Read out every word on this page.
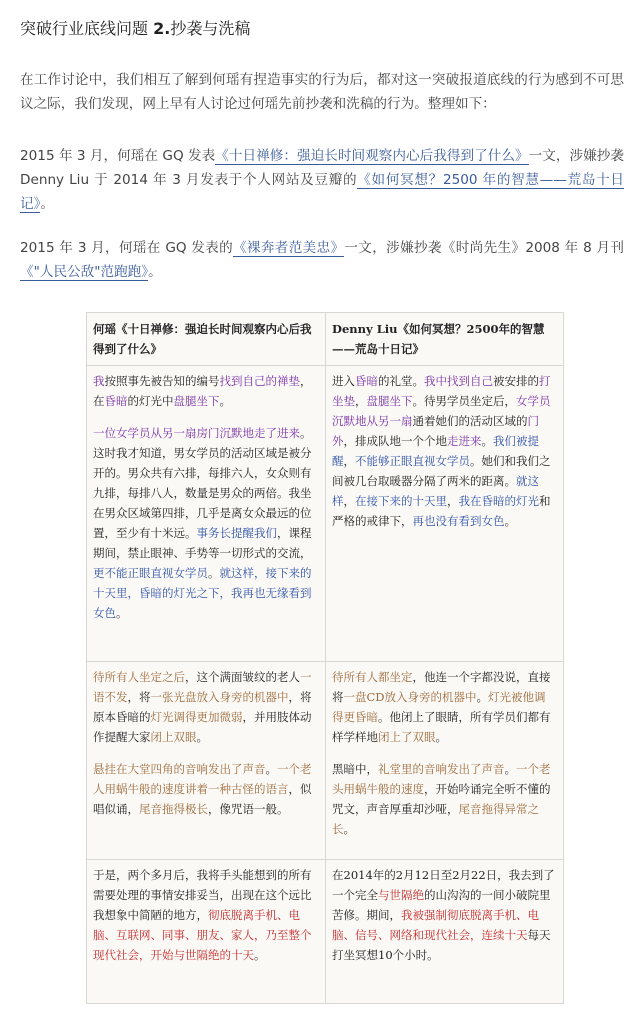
突破行业底线问题 2.抄袭与洗稿
在工作讨论中，我们相互了解到何瑶有捏造事实的行为后，都对这一突破报道底线的行为感到不可思议之际，我们发现，网上早有人讨论过何瑶先前抄袭和洗稿的行为。整理如下：
2015 年 3 月，何瑶在 GQ 发表《十日禅修：强迫长时间观察内心后我得到了什么》一文，涉嫌抄袭 Denny Liu 于 2014 年 3 月发表于个人网站及豆瓣的《如何冥想？2500 年的智慧——荒岛十日记》。
2015 年 3 月，何瑶在 GQ 发表的《裸奔者范美忠》一文，涉嫌抄袭《时尚先生》2008 年 8 月刊《"人民公敌"范跑跑》。
何瑶《十日禅修：强迫长时间观察内心后我得到了什么》
我按照事先被告知的编号找到自己的禅垫，在昏暗的灯光中盘腿坐下。
一位女学员从另一扇房门沉默地走了进来。这时我才知道，男女学员的活动区域是被分开的。男众共有六排，每排六人，女众则有九排，每排八人，数量是男众的两倍。我坐在男众区域第四排，几乎是离女众最远的位置，至少有十米远。事务长提醒我们，课程期间，禁止眼神、手势等一切形式的交流，更不能正眼直视女学员。就这样，接下来的十天里，昏暗的灯光之下，我再也无缘看到女色。
待所有人坐定之后，这个满面皱纹的老人一语不发，将一张光盘放入身旁的机器中，将原本昏暗的灯光调得更加微弱，并用肢体动作提醒大家闭上双眼。
悬挂在大堂四角的音响发出了声音。一个老人用蜗牛般的速度讲着一种古怪的语言，似唱似诵，尾音拖得极长，像咒语一般。
于是，两个多月后，我将手头能想到的所有需要处理的事情安排妥当，出现在这个远比我想象中简陋的地方，彻底脱离手机、电脑、互联网、同事、朋友、家人，乃至整个现代社会，开始与世隔绝的十天。
Denny Liu《如何冥想？2500年的智慧——荒岛十日记》
进入昏暗的礼堂。我中找到自己被安排的打坐垫，盘腿坐下。待男学员坐定后，女学员沉默地从另一扇通着她们的活动区域的门外，排成队地一个个地走进来。我们被提醒，不能够正眼直视女学员。她们和我们之间被几台取暖器分隔了两米的距离。就这样，在接下来的十天里，我在昏暗的灯光和严格的戒律下，再也没有看到女色。
待所有人都坐定，他连一个字都没说，直接将一盘CD放入身旁的机器中。灯光被他调得更昏暗。他闭上了眼睛，所有学员们都有样学样地闭上了双眼。
黑暗中，礼堂里的音响发出了声音。一个老头用蜗牛般的速度，开始吟诵完全听不懂的咒文，声音厚重却沙哑，尾音拖得异常之长。
在2014年的2月12日至2月22日，我去到了一个完全与世隔绝的山沟沟的一间小破院里苦修。期间，我被强制彻底脱离手机、电脑、信号、网络和现代社会，连续十天每天打坐冥想10个小时。
